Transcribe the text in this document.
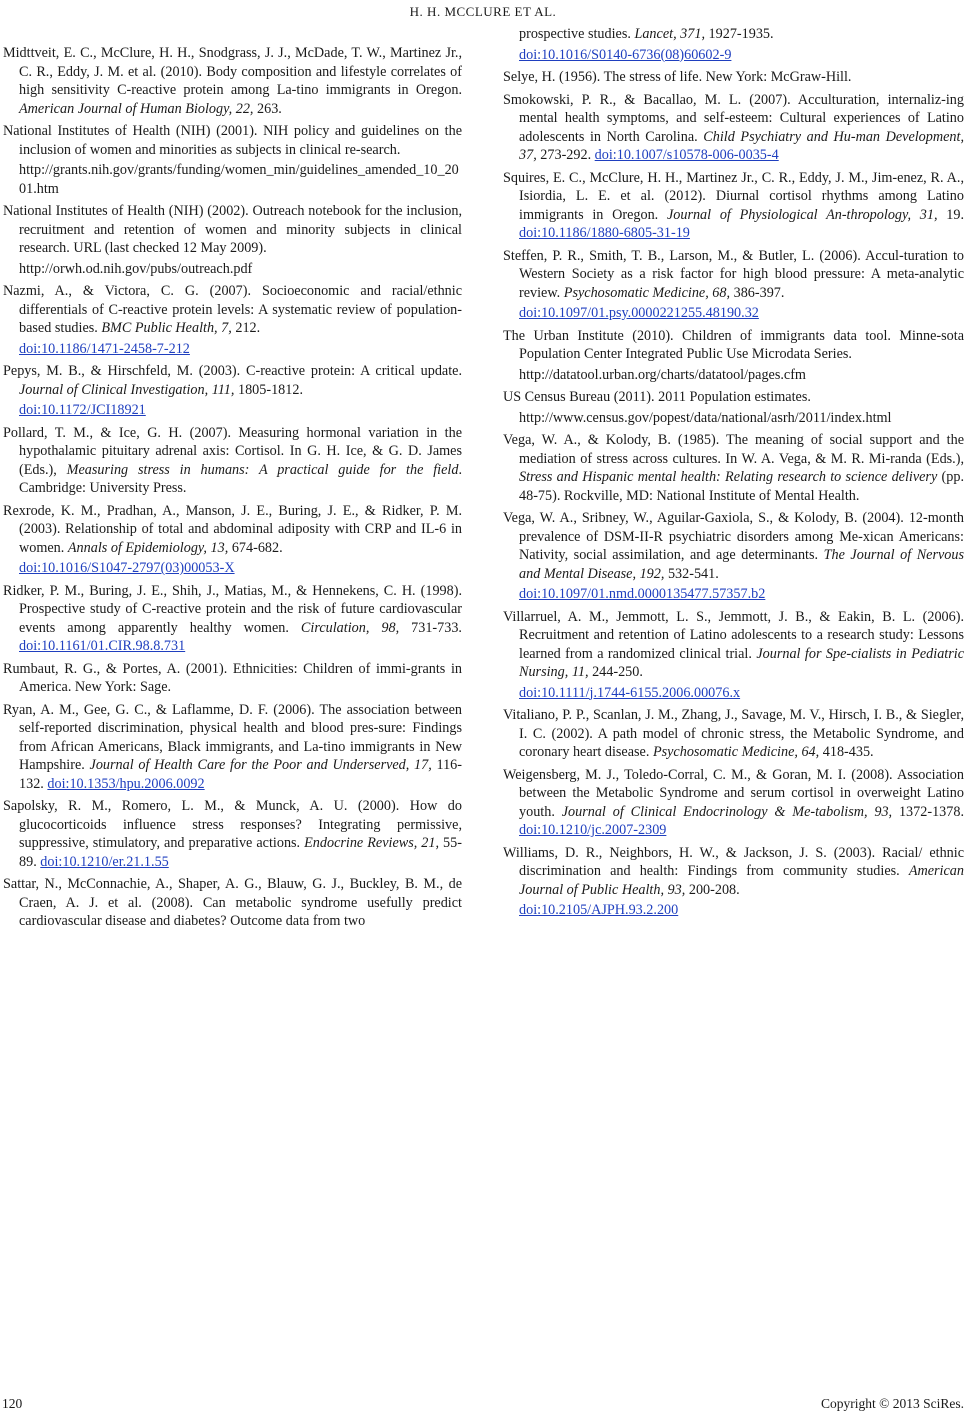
H. H. MCCLURE ET AL.

Midttveit, E. C., McClure, H. H., Snodgrass, J. J., McDade, T. W., Martinez Jr., C. R., Eddy, J. M. et al. (2010). Body composition and lifestyle correlates of high sensitivity C-reactive protein among La-tino immigrants in Oregon. American Journal of Human Biology, 22, 263.

National Institutes of Health (NIH) (2001). NIH policy and guidelines on the inclusion of women and minorities as subjects in clinical re-search.
http://grants.nih.gov/grants/funding/women_min/guidelines_amended_10_2001.htm

National Institutes of Health (NIH) (2002). Outreach notebook for the inclusion, recruitment and retention of women and minority subjects in clinical research. URL (last checked 12 May 2009).
http://orwh.od.nih.gov/pubs/outreach.pdf

Nazmi, A., & Victora, C. G. (2007). Socioeconomic and racial/ethnic differentials of C-reactive protein levels: A systematic review of population-based studies. BMC Public Health, 7, 212.
doi:10.1186/1471-2458-7-212

Pepys, M. B., & Hirschfeld, M. (2003). C-reactive protein: A critical update. Journal of Clinical Investigation, 111, 1805-1812.
doi:10.1172/JCI18921

Pollard, T. M., & Ice, G. H. (2007). Measuring hormonal variation in the hypothalamic pituitary adrenal axis: Cortisol. In G. H. Ice, & G. D. James (Eds.), Measuring stress in humans: A practical guide for the field. Cambridge: University Press.

Rexrode, K. M., Pradhan, A., Manson, J. E., Buring, J. E., & Ridker, P. M. (2003). Relationship of total and abdominal adiposity with CRP and IL-6 in women. Annals of Epidemiology, 13, 674-682.
doi:10.1016/S1047-2797(03)00053-X

Ridker, P. M., Buring, J. E., Shih, J., Matias, M., & Hennekens, C. H. (1998). Prospective study of C-reactive protein and the risk of future cardiovascular events among apparently healthy women. Circulation, 98, 731-733. doi:10.1161/01.CIR.98.8.731

Rumbaut, R. G., & Portes, A. (2001). Ethnicities: Children of immi-grants in America. New York: Sage.

Ryan, A. M., Gee, G. C., & Laflamme, D. F. (2006). The association between self-reported discrimination, physical health and blood pres-sure: Findings from African Americans, Black immigrants, and La-tino immigrants in New Hampshire. Journal of Health Care for the Poor and Underserved, 17, 116-132. doi:10.1353/hpu.2006.0092

Sapolsky, R. M., Romero, L. M., & Munck, A. U. (2000). How do glucocorticoids influence stress responses? Integrating permissive, suppressive, stimulatory, and preparative actions. Endocrine Reviews, 21, 55-89. doi:10.1210/er.21.1.55

Sattar, N., McConnachie, A., Shaper, A. G., Blauw, G. J., Buckley, B. M., de Craen, A. J. et al. (2008). Can metabolic syndrome usefully predict cardiovascular disease and diabetes? Outcome data from two

prospective studies. Lancet, 371, 1927-1935.
doi:10.1016/S0140-6736(08)60602-9

Selye, H. (1956). The stress of life. New York: McGraw-Hill.

Smokowski, P. R., & Bacallao, M. L. (2007). Acculturation, internaliz-ing mental health symptoms, and self-esteem: Cultural experiences of Latino adolescents in North Carolina. Child Psychiatry and Hu-man Development, 37, 273-292. doi:10.1007/s10578-006-0035-4

Squires, E. C., McClure, H. H., Martinez Jr., C. R., Eddy, J. M., Jim-enez, R. A., Isiordia, L. E. et al. (2012). Diurnal cortisol rhythms among Latino immigrants in Oregon. Journal of Physiological An-thropology, 31, 19. doi:10.1186/1880-6805-31-19

Steffen, P. R., Smith, T. B., Larson, M., & Butler, L. (2006). Accul-turation to Western Society as a risk factor for high blood pressure: A meta-analytic review. Psychosomatic Medicine, 68, 386-397.
doi:10.1097/01.psy.0000221255.48190.32

The Urban Institute (2010). Children of immigrants data tool. Minne-sota Population Center Integrated Public Use Microdata Series.
http://datatool.urban.org/charts/datatool/pages.cfm

US Census Bureau (2011). 2011 Population estimates.
http://www.census.gov/popest/data/national/asrh/2011/index.html

Vega, W. A., & Kolody, B. (1985). The meaning of social support and the mediation of stress across cultures. In W. A. Vega, & M. R. Mi-randa (Eds.), Stress and Hispanic mental health: Relating research to science delivery (pp. 48-75). Rockville, MD: National Institute of Mental Health.

Vega, W. A., Sribney, W., Aguilar-Gaxiola, S., & Kolody, B. (2004). 12-month prevalence of DSM-II-R psychiatric disorders among Me-xican Americans: Nativity, social assimilation, and age determinants. The Journal of Nervous and Mental Disease, 192, 532-541.
doi:10.1097/01.nmd.0000135477.57357.b2

Villarruel, A. M., Jemmott, L. S., Jemmott, J. B., & Eakin, B. L. (2006). Recruitment and retention of Latino adolescents to a research study: Lessons learned from a randomized clinical trial. Journal for Spe-cialists in Pediatric Nursing, 11, 244-250.
doi:10.1111/j.1744-6155.2006.00076.x

Vitaliano, P. P., Scanlan, J. M., Zhang, J., Savage, M. V., Hirsch, I. B., & Siegler, I. C. (2002). A path model of chronic stress, the Metabolic Syndrome, and coronary heart disease. Psychosomatic Medicine, 64, 418-435.

Weigensberg, M. J., Toledo-Corral, C. M., & Goran, M. I. (2008). Association between the Metabolic Syndrome and serum cortisol in overweight Latino youth. Journal of Clinical Endocrinology & Me-tabolism, 93, 1372-1378. doi:10.1210/jc.2007-2309

Williams, D. R., Neighbors, H. W., & Jackson, J. S. (2003). Racial/ ethnic discrimination and health: Findings from community studies. American Journal of Public Health, 93, 200-208.
doi:10.2105/AJPH.93.2.200

120	Copyright © 2013 SciRes.
